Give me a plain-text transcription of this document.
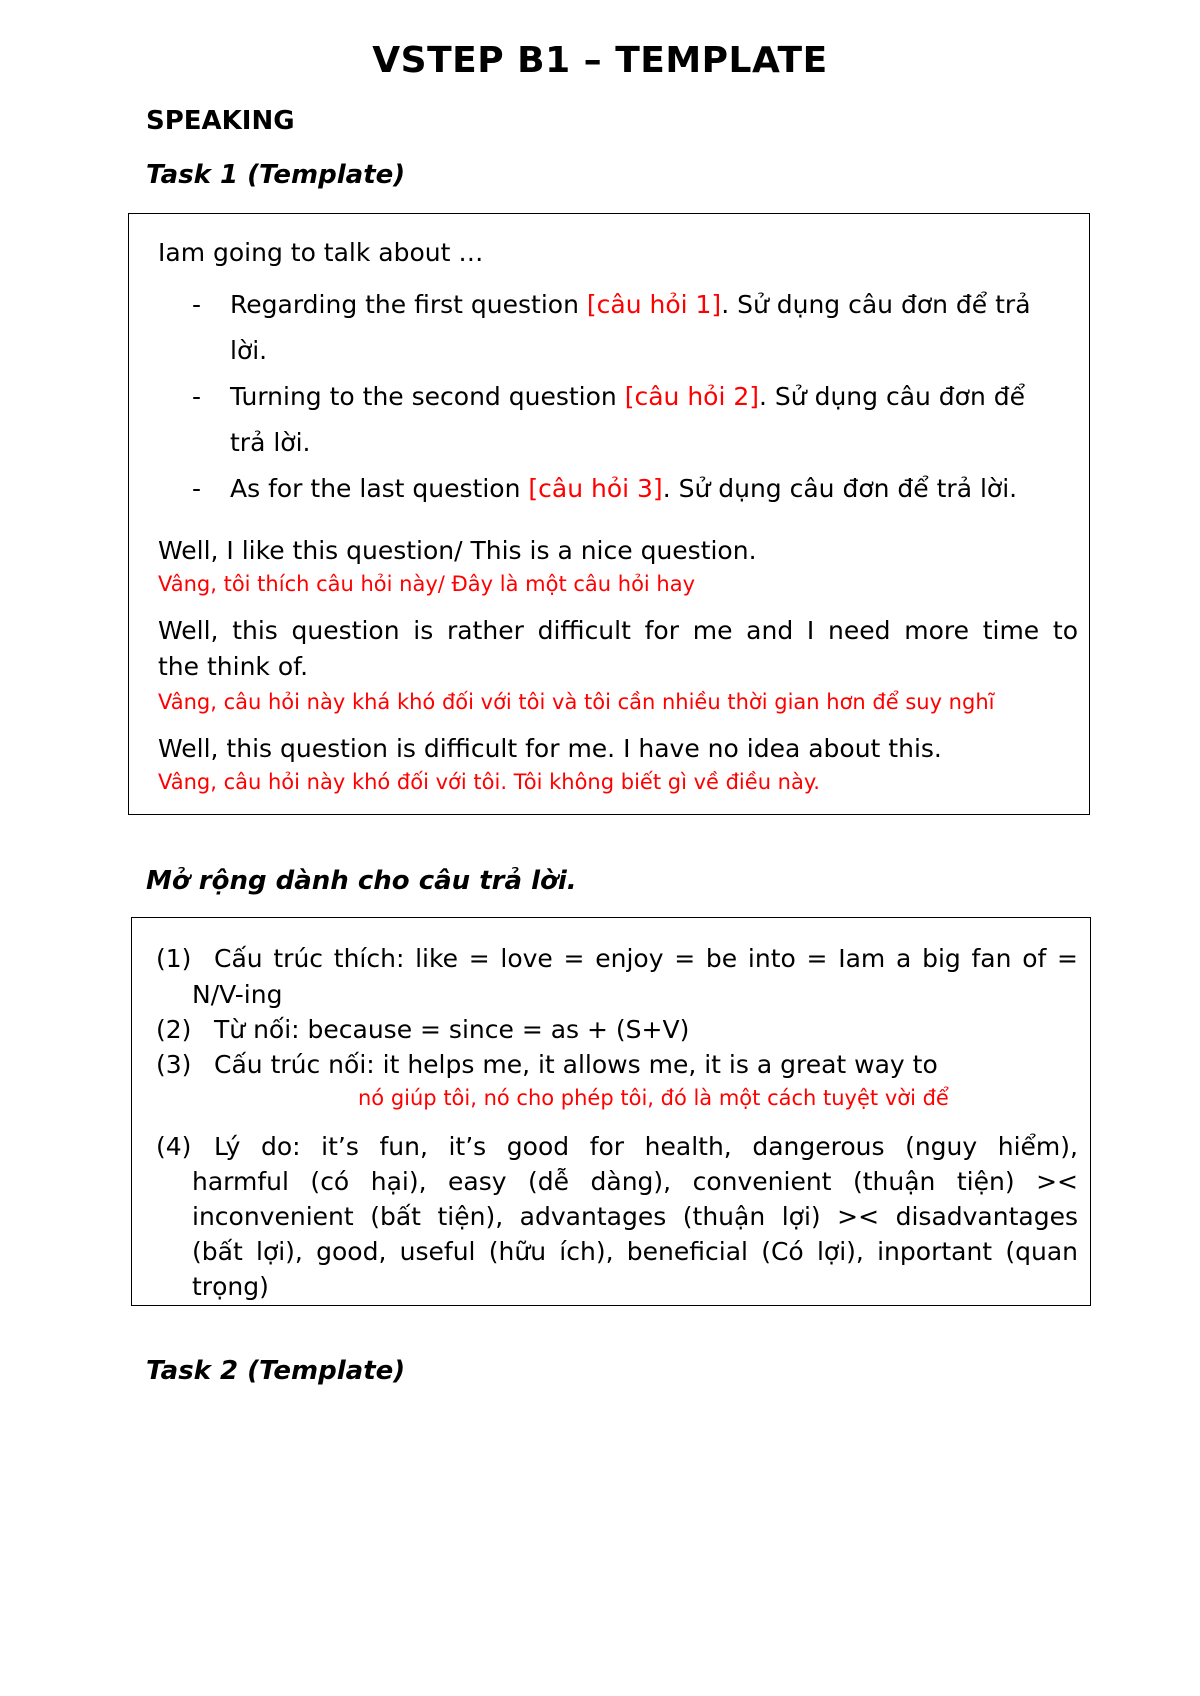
VSTEP B1 – TEMPLATE
SPEAKING
Task 1 (Template)
Iam going to talk about …
- Regarding the first question [câu hỏi 1]. Sử dụng câu đơn để trả
lời.
- Turning to the second question [câu hỏi 2]. Sử dụng câu đơn để
trả lời.
- As for the last question [câu hỏi 3]. Sử dụng câu đơn để trả lời.
Well, I like this question/ This is a nice question.
Vâng, tôi thích câu hỏi này/ Đây là một câu hỏi hay
Well, this question is rather difficult for me and I need more time to
the think of.
Vâng, câu hỏi này khá khó đối với tôi và tôi cần nhiều thời gian hơn để suy nghĩ
Well, this question is difficult for me. I have no idea about this.
Vâng, câu hỏi này khó đối với tôi. Tôi không biết gì về điều này.
Mở rộng dành cho câu trả lời.
(1) Cấu trúc thích: like = love = enjoy = be into = Iam a big fan of =
N/V-ing
(2) Từ nối: because = since = as + (S+V)
(3) Cấu trúc nối: it helps me, it allows me, it is a great way to
nó giúp tôi, nó cho phép tôi, đó là một cách tuyệt vời để
(4) Lý do: it’s fun, it’s good for health, dangerous (nguy hiểm),
harmful (có hại), easy (dễ dàng), convenient (thuận tiện) ><
inconvenient (bất tiện), advantages (thuận lợi) >< disadvantages
(bất lợi), good, useful (hữu ích), beneficial (Có lợi), inportant (quan
trọng)
Task 2 (Template)
